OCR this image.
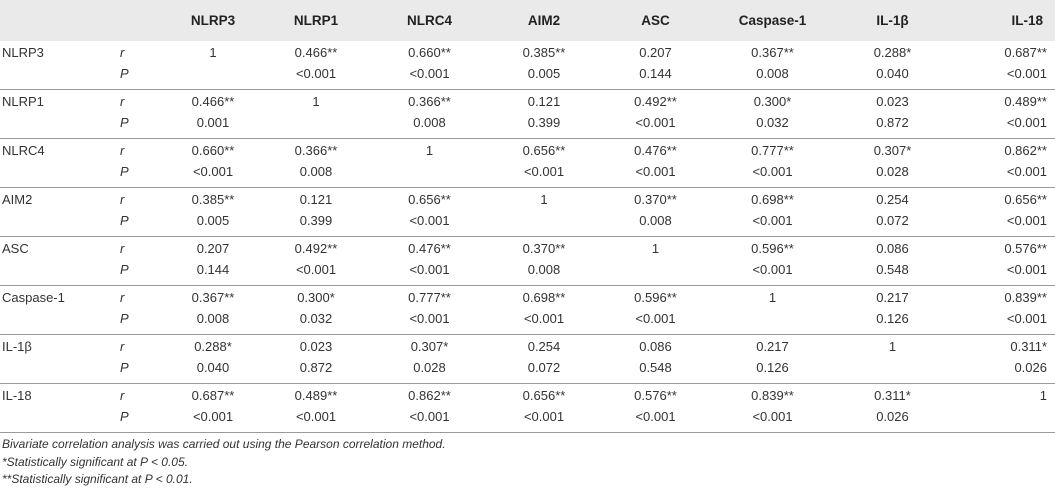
		NLRP3	NLRP1	NLRC4	AIM2	ASC	Caspase-1	IL-1β	IL-18
NLRP3	r	1	0.466**	0.660**	0.385**	0.207	0.367**	0.288*	0.687**
	P		<0.001	<0.001	0.005	0.144	0.008	0.040	<0.001
NLRP1	r	0.466**	1	0.366**	0.121	0.492**	0.300*	0.023	0.489**
	P	0.001		0.008	0.399	<0.001	0.032	0.872	<0.001
NLRC4	r	0.660**	0.366**	1	0.656**	0.476**	0.777**	0.307*	0.862**
	P	<0.001	0.008		<0.001	<0.001	<0.001	0.028	<0.001
AIM2	r	0.385**	0.121	0.656**	1	0.370**	0.698**	0.254	0.656**
	P	0.005	0.399	<0.001		0.008	<0.001	0.072	<0.001
ASC	r	0.207	0.492**	0.476**	0.370**	1	0.596**	0.086	0.576**
	P	0.144	<0.001	<0.001	0.008		<0.001	0.548	<0.001
Caspase-1	r	0.367**	0.300*	0.777**	0.698**	0.596**	1	0.217	0.839**
	P	0.008	0.032	<0.001	<0.001	<0.001		0.126	<0.001
IL-1β	r	0.288*	0.023	0.307*	0.254	0.086	0.217	1	0.311*
	P	0.040	0.872	0.028	0.072	0.548	0.126		0.026
IL-18	r	0.687**	0.489**	0.862**	0.656**	0.576**	0.839**	0.311*	1
	P	<0.001	<0.001	<0.001	<0.001	<0.001	<0.001	0.026	
Bivariate correlation analysis was carried out using the Pearson correlation method.
*Statistically significant at P < 0.05.
**Statistically significant at P < 0.01.
